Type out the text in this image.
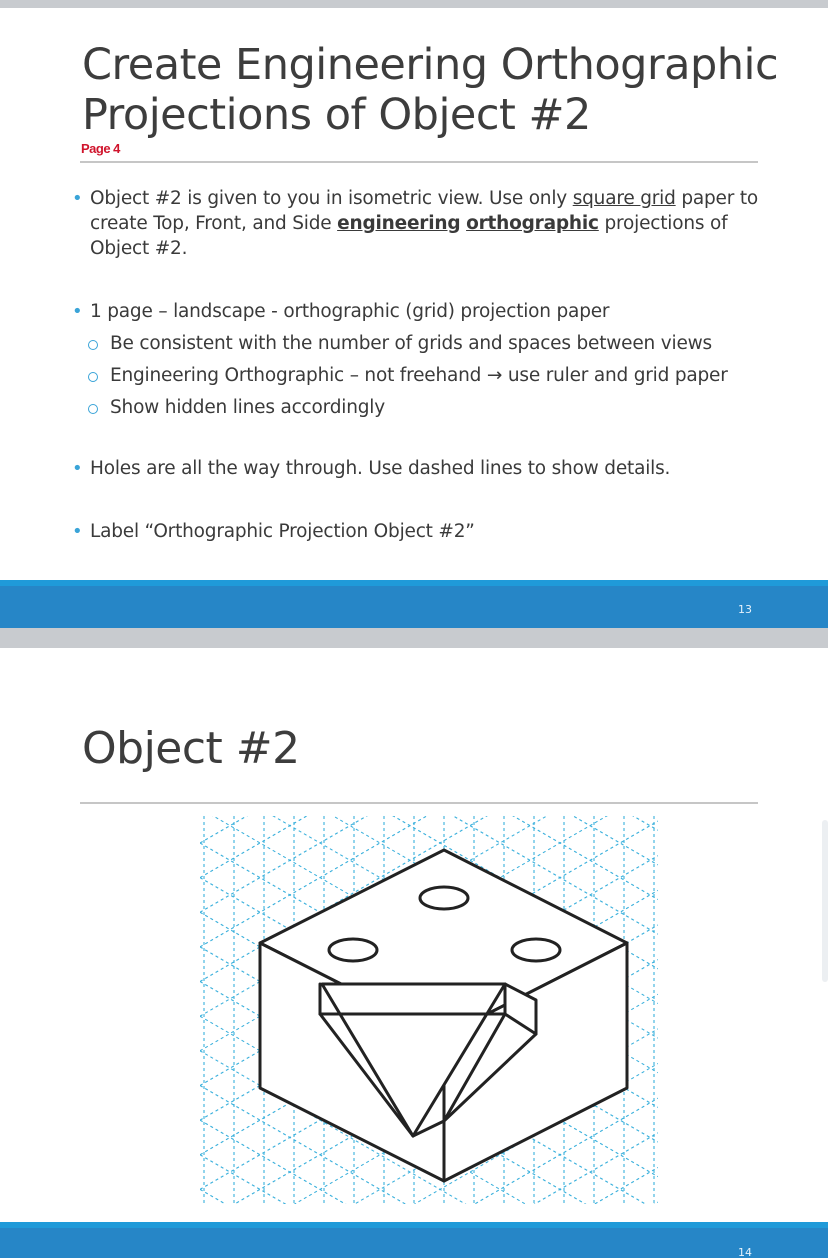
Create Engineering Orthographic
Projections of Object #2
Page 4
• Object #2 is given to you in isometric view. Use only square grid paper to create Top, Front, and Side engineering orthographic projections of Object #2.
• 1 page – landscape - orthographic (grid) projection paper
Be consistent with the number of grids and spaces between views
Engineering Orthographic – not freehand → use ruler and grid paper
Show hidden lines accordingly
• Holes are all the way through. Use dashed lines to show details.
• Label “Orthographic Projection Object #2”
13
Object #2
14
